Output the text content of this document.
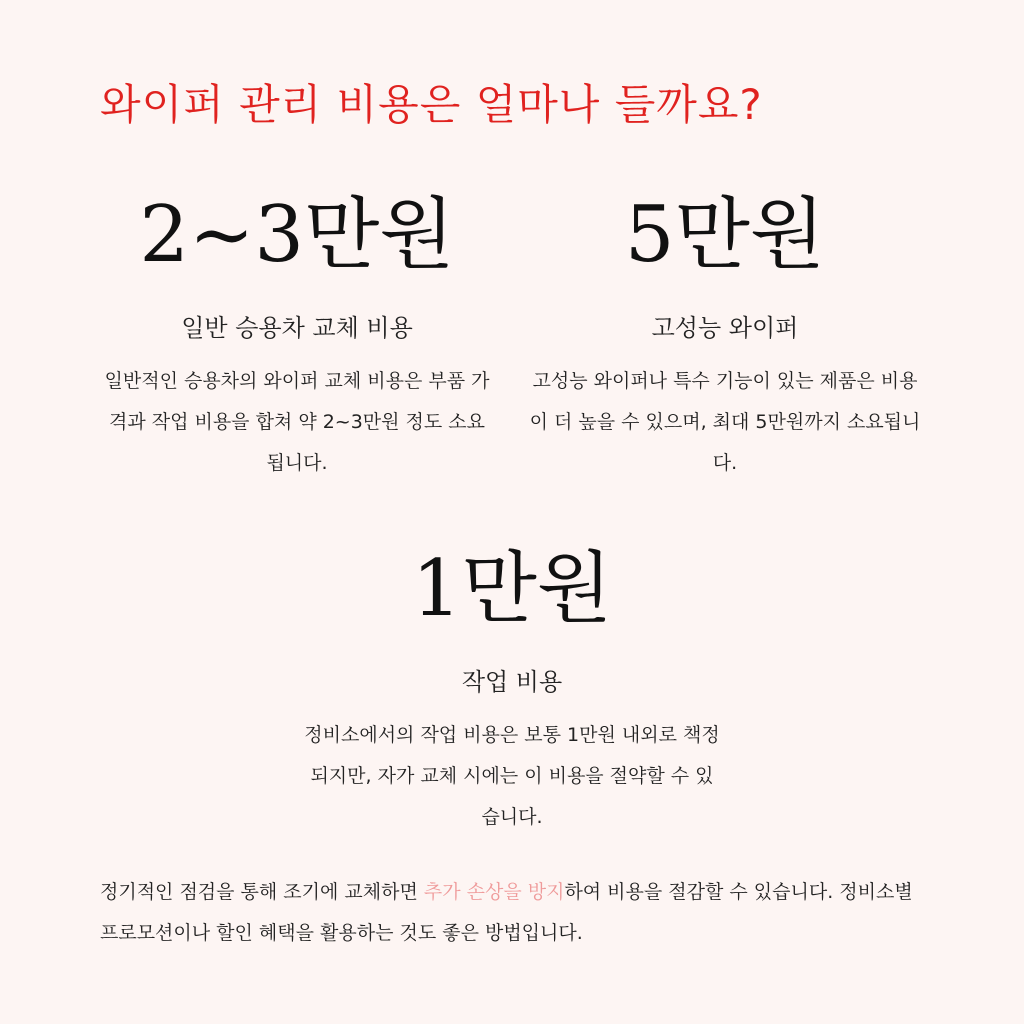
와이퍼 관리 비용은 얼마나 들까요?
2~3만원
일반 승용차 교체 비용
일반적인 승용차의 와이퍼 교체 비용은 부품 가격과 작업 비용을 합쳐 약 2~3만원 정도 소요됩니다.
5만원
고성능 와이퍼
고성능 와이퍼나 특수 기능이 있는 제품은 비용이 더 높을 수 있으며, 최대 5만원까지 소요됩니다.
1만원
작업 비용
정비소에서의 작업 비용은 보통 1만원 내외로 책정되지만, 자가 교체 시에는 이 비용을 절약할 수 있습니다.
정기적인 점검을 통해 조기에 교체하면 추가 손상을 방지하여 비용을 절감할 수 있습니다. 정비소별 프로모션이나 할인 혜택을 활용하는 것도 좋은 방법입니다.
